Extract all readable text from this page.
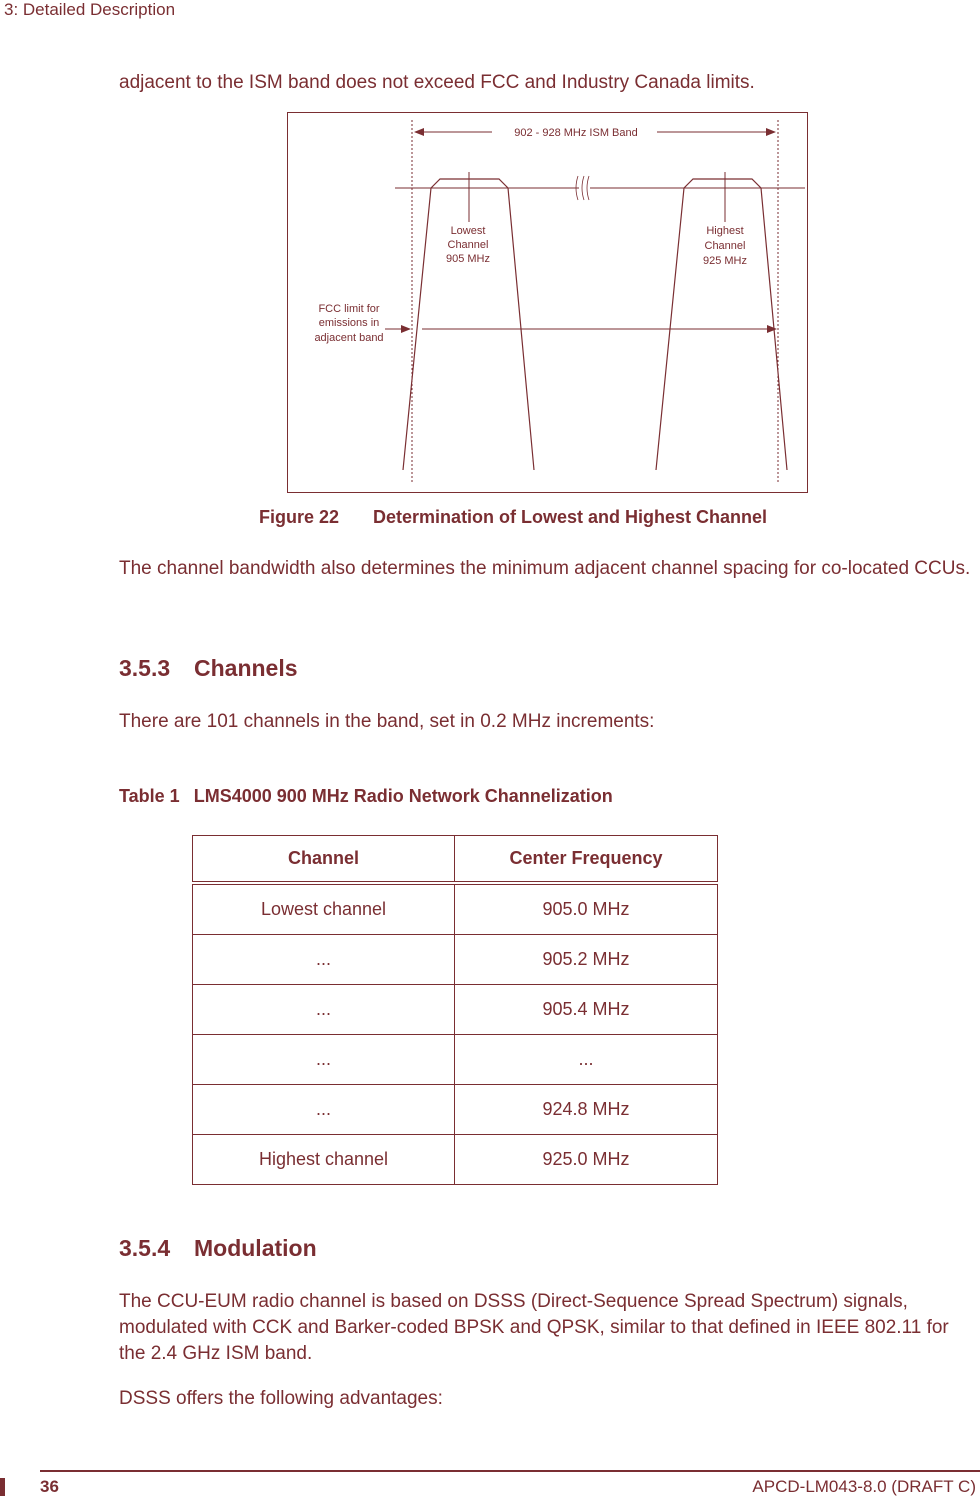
3: Detailed Description
adjacent to the ISM band does not exceed FCC and Industry Canada limits.
902 - 928 MHz ISM Band
Lowest
Channel
905 MHz
Highest
Channel
925 MHz
FCC limit for
emissions in
adjacent band
Figure 22 Determination of Lowest and Highest Channel
The channel bandwidth also determines the minimum adjacent channel spacing for co-located CCUs.
3.5.3 Channels
There are 101 channels in the band, set in 0.2 MHz increments:
Table 1 LMS4000 900 MHz Radio Network Channelization
Channel	Center Frequency
Lowest channel	905.0 MHz
...	905.2 MHz
...	905.4 MHz
...	...
...	924.8 MHz
Highest channel	925.0 MHz
3.5.4 Modulation
The CCU-EUM radio channel is based on DSSS (Direct-Sequence Spread Spectrum) signals, modulated with CCK and Barker-coded BPSK and QPSK, similar to that defined in IEEE 802.11 for the 2.4 GHz ISM band.
DSSS offers the following advantages:
36	APCD-LM043-8.0 (DRAFT C)
